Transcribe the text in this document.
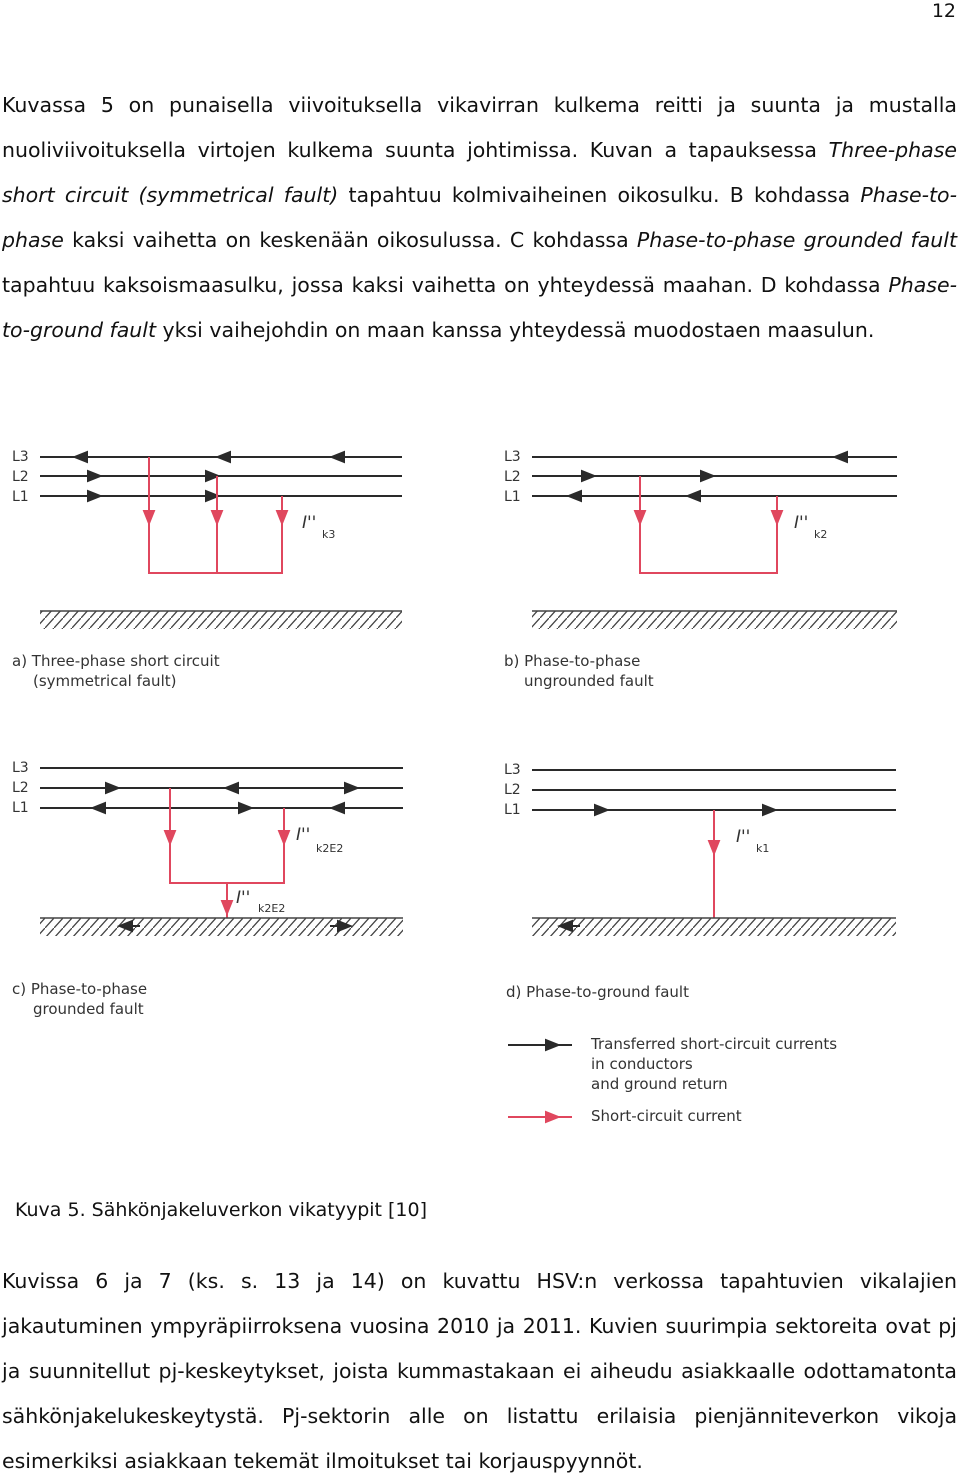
12

Kuvassa 5 on punaisella viivoituksella vikavirran kulkema reitti ja suunta ja mustalla nuoliviivoituksella virtojen kulkema suunta johtimissa. Kuvan a tapauksessa Three-phase short circuit (symmetrical fault) tapahtuu kolmivaiheinen oikosulku. B kohdassa Phase-to-phase kaksi vaihetta on keskenään oikosulussa. C kohdassa Phase-to-phase grounded fault tapahtuu kaksoismaasulku, jossa kaksi vaihetta on yhteydessä maahan. D kohdassa Phase-to-ground fault yksi vaihejohdin on maan kanssa yhteydessä muodostaen maasulun.

L3
L2
L1
I''
k3
a) Three-phase short circuit
(symmetrical fault)
L3
L2
L1
I''
k2
b) Phase-to-phase
ungrounded fault
L3
L2
L1
I''
k2E2
I''
k2E2
c) Phase-to-phase
grounded fault
L3
L2
L1
I''
k1
d) Phase-to-ground fault
Transferred short-circuit currents
in conductors
and ground return
Short-circuit current
Kuva 5. Sähkönjakeluverkon vikatyypit [10]

Kuvissa 6 ja 7 (ks. s. 13 ja 14) on kuvattu HSV:n verkossa tapahtuvien vikalajien jakautuminen ympyräpiirroksena vuosina 2010 ja 2011. Kuvien suurimpia sektoreita ovat pj ja suunnitellut pj-keskeytykset, joista kummastakaan ei aiheudu asiakkaalle odottamatonta sähkönjakelukeskeytystä. Pj-sektorin alle on listattu erilaisia pienjänniteverkon vikoja esimerkiksi asiakkaan tekemät ilmoitukset tai korjauspyynnöt.
